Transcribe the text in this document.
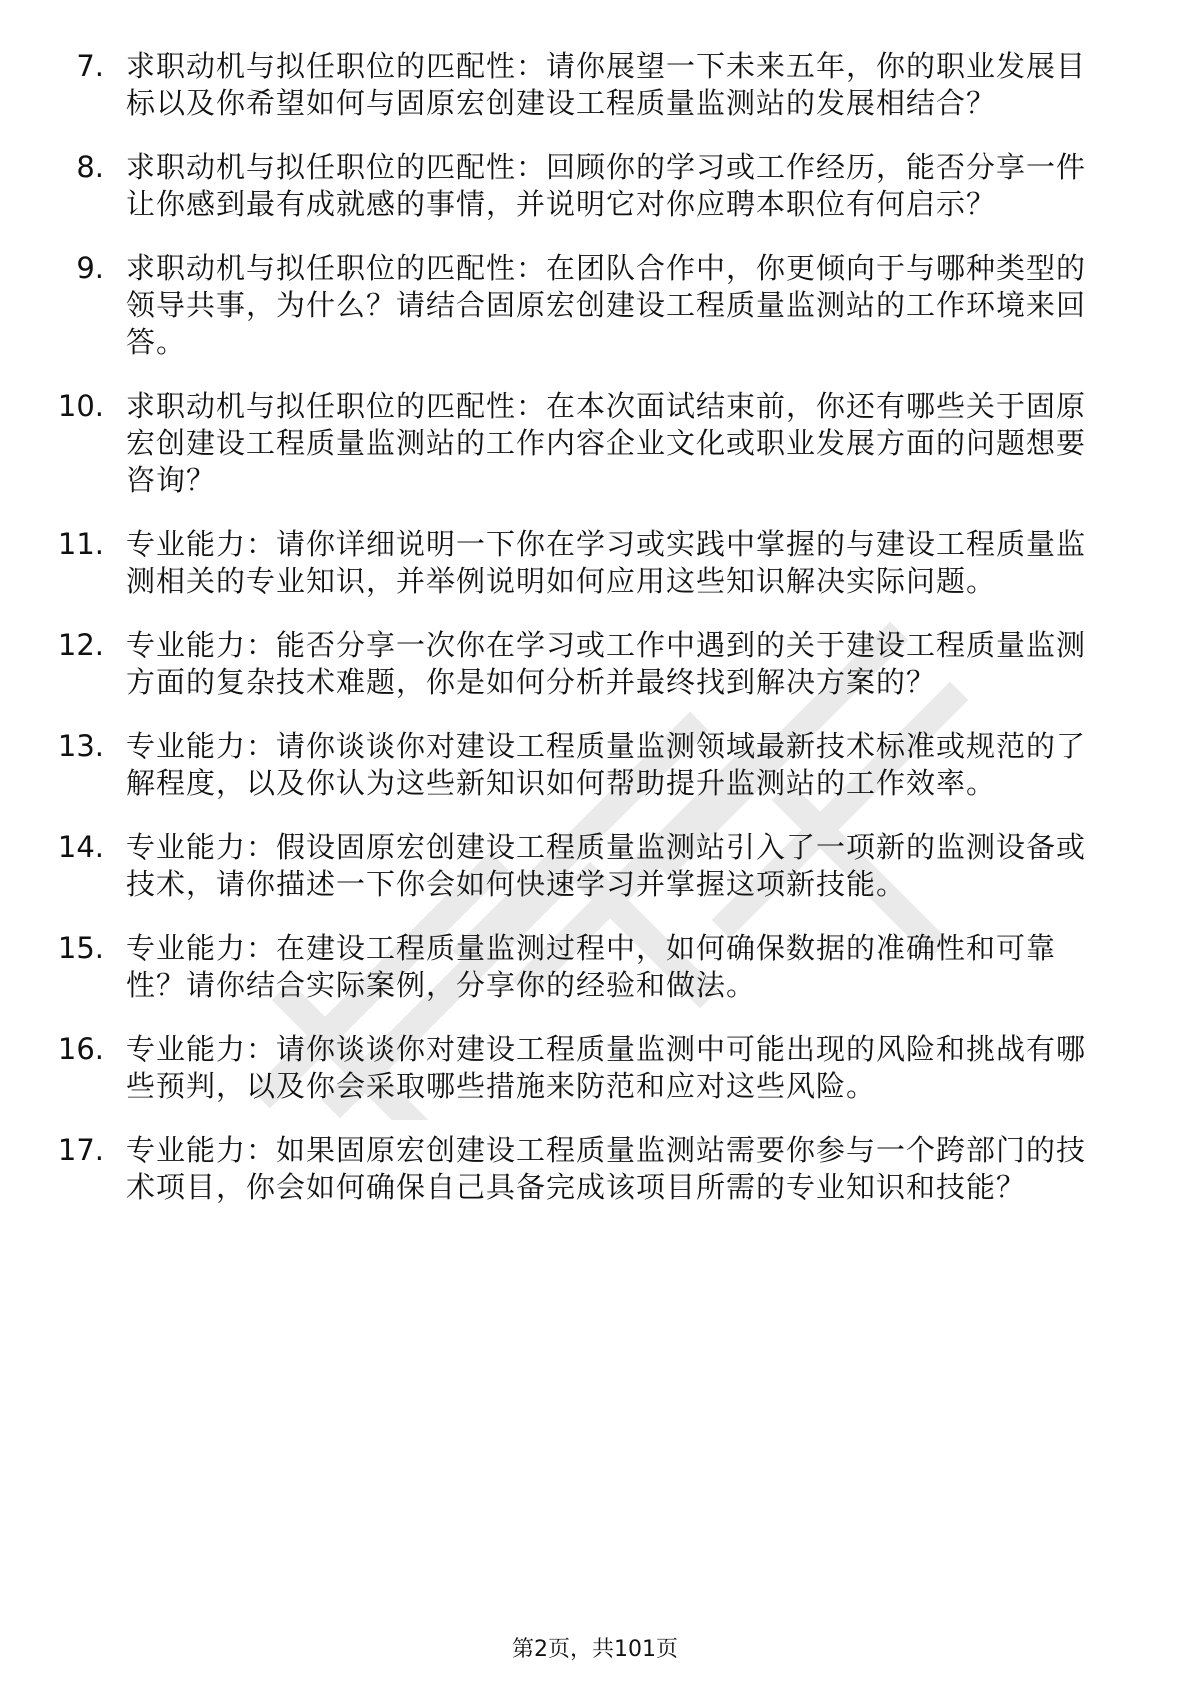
7. 求职动机与拟任职位的匹配性：请你展望一下未来五年，你的职业发展目标以及你希望如何与固原宏创建设工程质量监测站的发展相结合？
8. 求职动机与拟任职位的匹配性：回顾你的学习或工作经历，能否分享一件让你感到最有成就感的事情，并说明它对你应聘本职位有何启示？
9. 求职动机与拟任职位的匹配性：在团队合作中，你更倾向于与哪种类型的领导共事，为什么？请结合固原宏创建设工程质量监测站的工作环境来回答。
10. 求职动机与拟任职位的匹配性：在本次面试结束前，你还有哪些关于固原宏创建设工程质量监测站的工作内容企业文化或职业发展方面的问题想要咨询？
11. 专业能力：请你详细说明一下你在学习或实践中掌握的与建设工程质量监测相关的专业知识，并举例说明如何应用这些知识解决实际问题。
12. 专业能力：能否分享一次你在学习或工作中遇到的关于建设工程质量监测方面的复杂技术难题，你是如何分析并最终找到解决方案的？
13. 专业能力：请你谈谈你对建设工程质量监测领域最新技术标准或规范的了解程度，以及你认为这些新知识如何帮助提升监测站的工作效率。
14. 专业能力：假设固原宏创建设工程质量监测站引入了一项新的监测设备或技术，请你描述一下你会如何快速学习并掌握这项新技能。
15. 专业能力：在建设工程质量监测过程中，如何确保数据的准确性和可靠性？请你结合实际案例，分享你的经验和做法。
16. 专业能力：请你谈谈你对建设工程质量监测中可能出现的风险和挑战有哪些预判，以及你会采取哪些措施来防范和应对这些风险。
17. 专业能力：如果固原宏创建设工程质量监测站需要你参与一个跨部门的技术项目，你会如何确保自己具备完成该项目所需的专业知识和技能？
第2页，共101页
